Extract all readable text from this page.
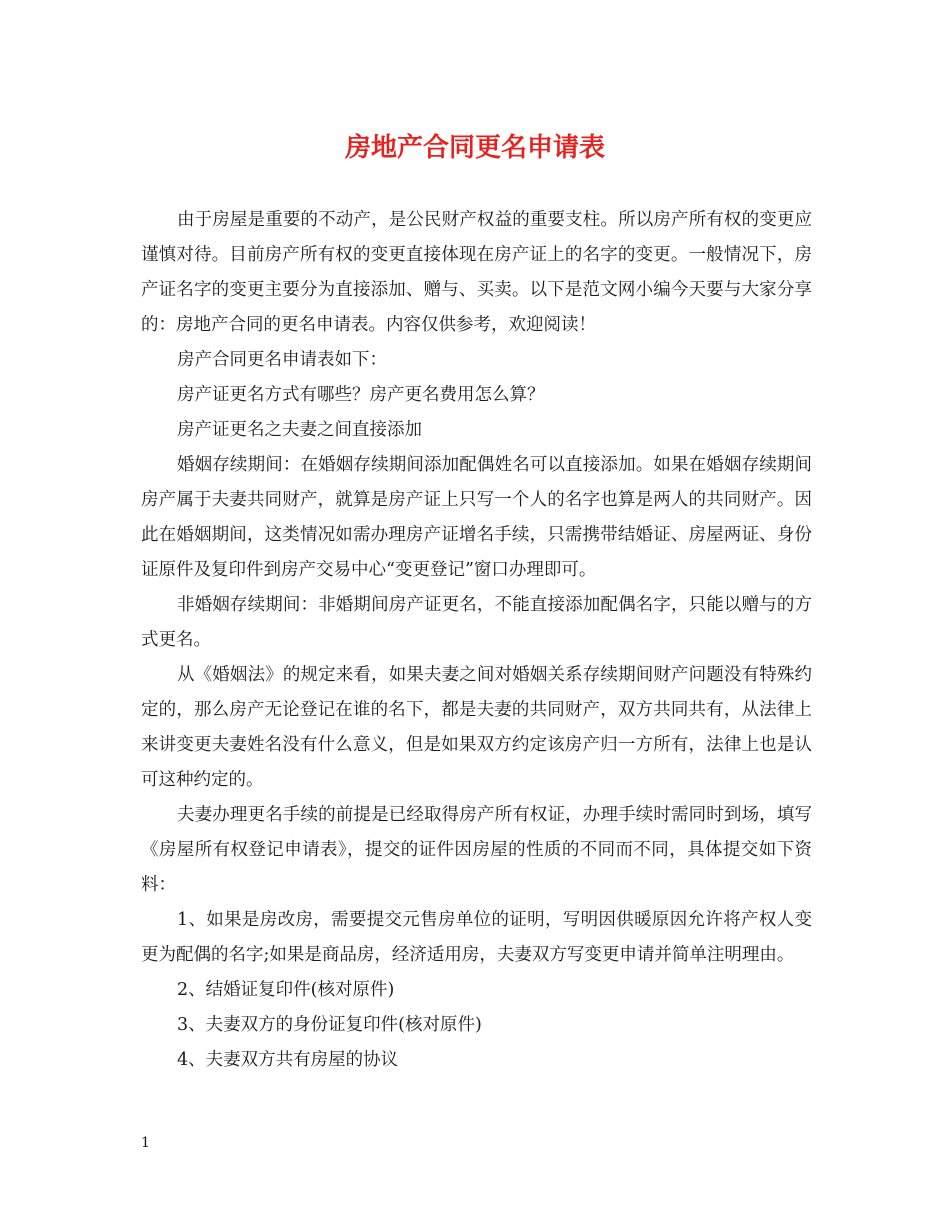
房地产合同更名申请表

由于房屋是重要的不动产，是公民财产权益的重要支柱。所以房产所有权的变更应谨慎对待。目前房产所有权的变更直接体现在房产证上的名字的变更。一般情况下，房产证名字的变更主要分为直接添加、赠与、买卖。以下是范文网小编今天要与大家分享的：房地产合同的更名申请表。内容仅供参考，欢迎阅读！

房产合同更名申请表如下：

房产证更名方式有哪些？房产更名费用怎么算？

房产证更名之夫妻之间直接添加

婚姻存续期间：在婚姻存续期间添加配偶姓名可以直接添加。如果在婚姻存续期间房产属于夫妻共同财产，就算是房产证上只写一个人的名字也算是两人的共同财产。因此在婚姻期间，这类情况如需办理房产证增名手续，只需携带结婚证、房屋两证、身份证原件及复印件到房产交易中心“变更登记”窗口办理即可。

非婚姻存续期间：非婚期间房产证更名，不能直接添加配偶名字，只能以赠与的方式更名。

从《婚姻法》的规定来看，如果夫妻之间对婚姻关系存续期间财产问题没有特殊约定的，那么房产无论登记在谁的名下，都是夫妻的共同财产，双方共同共有，从法律上来讲变更夫妻姓名没有什么意义，但是如果双方约定该房产归一方所有，法律上也是认可这种约定的。

夫妻办理更名手续的前提是已经取得房产所有权证，办理手续时需同时到场，填写《房屋所有权登记申请表》，提交的证件因房屋的性质的不同而不同，具体提交如下资料：

1、如果是房改房，需要提交元售房单位的证明，写明因供暖原因允许将产权人变更为配偶的名字;如果是商品房，经济适用房，夫妻双方写变更申请并简单注明理由。

2、结婚证复印件(核对原件)

3、夫妻双方的身份证复印件(核对原件)

4、夫妻双方共有房屋的协议

1
